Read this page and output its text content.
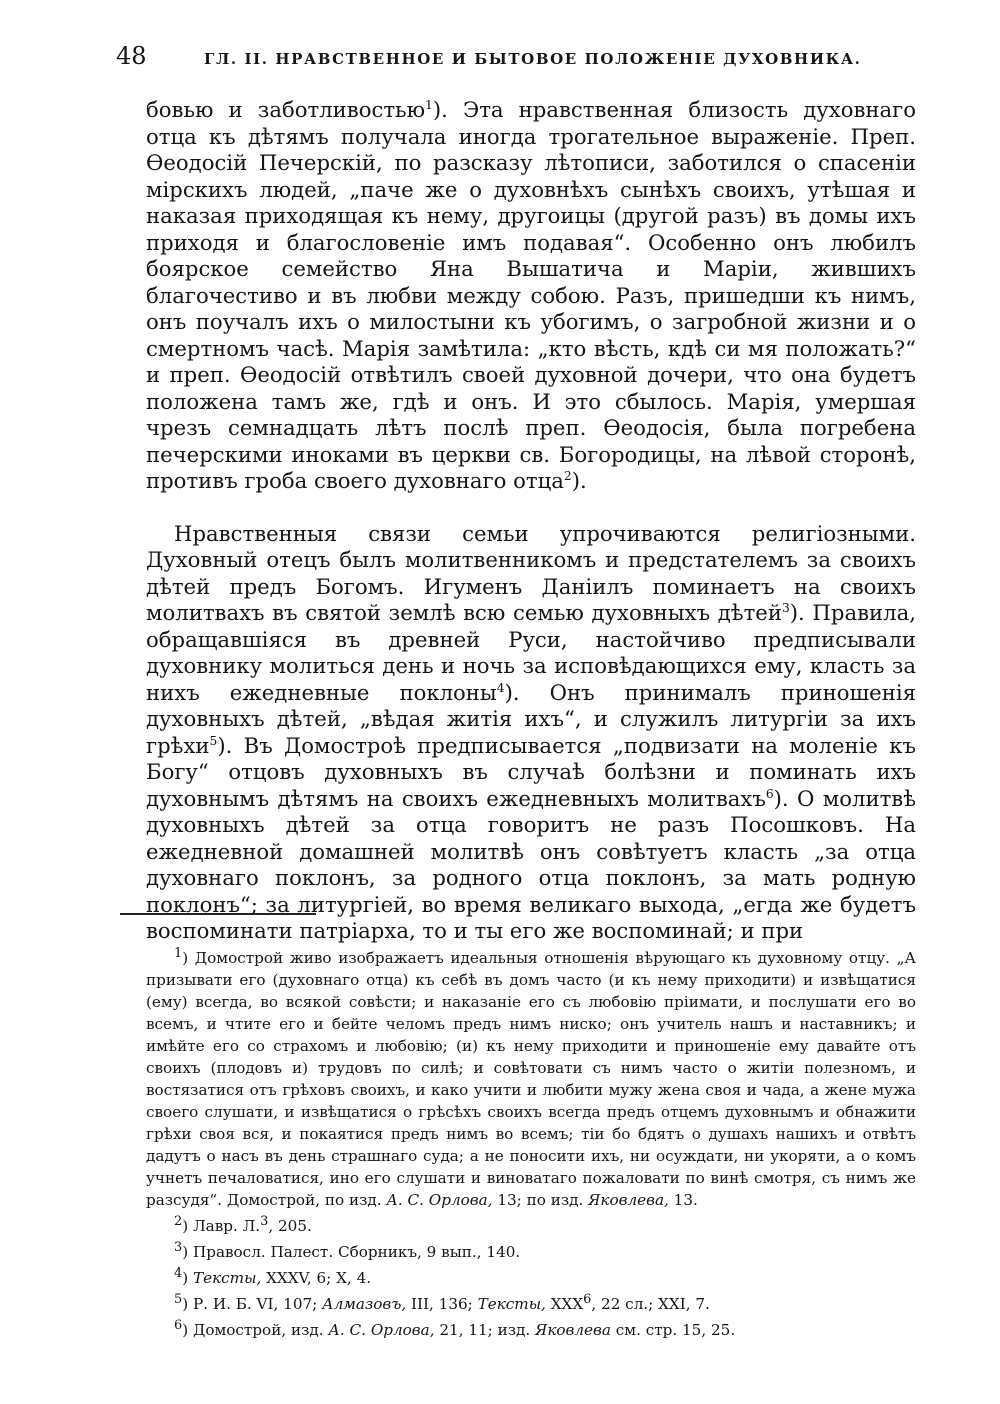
48	ГЛ. II. НРАВСТВЕННОЕ И БЫТОВОЕ ПОЛОЖЕНІЕ ДУХОВНИКА.

бовью и заботливостью$^1$). Эта нравственная близость духовнаго отца къ дѣтямъ получала иногда трогательное выраженіе. Преп. Ѳеодосій Печерскій, по разсказу лѣтописи, заботился о спасеніи мірскихъ людей, „паче же о духовнѣхъ сынѣхъ своихъ, утѣшая и наказая приходящая къ нему, другоицы (другой разъ) въ домы ихъ приходя и благословеніе имъ подавая“. Особенно онъ любилъ боярское семейство Яна Вышатича и Маріи, жившихъ благочестиво и въ любви между собою. Разъ, пришедши къ нимъ, онъ поучалъ ихъ о милостыни къ убогимъ, о загробной жизни и о смертномъ часѣ. Марія замѣтила: „кто вѣсть, кдѣ си мя положать?“ и преп. Ѳеодосій отвѣтилъ своей духовной дочери, что она будетъ положена тамъ же, гдѣ и онъ. И это сбылось. Марія, умершая чрезъ семнадцать лѣтъ послѣ преп. Ѳеодосія, была погребена печерскими иноками въ церкви св. Богородицы, на лѣвой сторонѣ, противъ гроба своего духовнаго отца$^2$).

Нравственныя связи семьи упрочиваются религіозными. Духовный отецъ былъ молитвенникомъ и предстателемъ за своихъ дѣтей предъ Богомъ. Игуменъ Даніилъ поминаетъ на своихъ молитвахъ въ святой землѣ всю семью духовныхъ дѣтей$^3$). Правила, обращавшіяся въ древней Руси, настойчиво предписывали духовнику молиться день и ночь за исповѣдающихся ему, класть за нихъ ежедневные поклоны$^4$). Онъ принималъ приношенія духовныхъ дѣтей, „вѣдая житія ихъ“, и служилъ литургіи за ихъ грѣхи$^5$). Въ Домостроѣ предписывается „подвизати на моленіе къ Богу“ отцовъ духовныхъ въ случаѣ болѣзни и поминать ихъ духовнымъ дѣтямъ на своихъ ежедневныхъ молитвахъ$^6$). О молитвѣ духовныхъ дѣтей за отца говоритъ не разъ Посошковъ. На ежедневной домашней молитвѣ онъ совѣтуетъ класть „за отца духовнаго поклонъ, за родного отца поклонъ, за мать родную поклонъ“; за литургіей, во время великаго выхода, „егда же будетъ воспоминати патріарха, то и ты его же воспоминай; и при

$^1$) Домострой живо изображаетъ идеальныя отношенія вѣрующаго къ духовному отцу. „А призывати его (духовнаго отца) къ себѣ въ домъ часто (и къ нему приходити) и извѣщатися (ему) всегда, во всякой совѣсти; и наказаніе его съ любовію пріимати, и послушати его во всемъ, и чтите его и бейте челомъ предъ нимъ ниско; онъ учитель нашъ и наставникъ; и имѣйте его со страхомъ и любовію; (и) къ нему приходити и приношеніе ему давайте отъ своихъ (плодовъ и) трудовъ по силѣ; и совѣтовати съ нимъ часто о житіи полезномъ, и востязатися отъ грѣховъ своихъ, и како учити и любити мужу жена своя и чада, а жене мужа своего слушати, и извѣщатися о грѣсѣхъ своихъ всегда предъ отцемъ духовнымъ и обнажити грѣхи своя вся, и покаятися предъ нимъ во всемъ; тіи бо бдятъ о душахъ нашихъ и отвѣтъ дадутъ о насъ въ день страшнаго суда; а не поносити ихъ, ни осуждати, ни укоряти, а о комъ учнетъ печаловатися, ино его слушати и виноватаго пожаловати по винѣ смотря, съ нимъ же разсудя“. Домострой, по изд. А. С. Орлова, 13; по изд. Яковлева, 13.

$^2$) Лавр. Л.$^3$, 205.

$^3$) Правосл. Палест. Сборникъ, 9 вып., 140.

$^4$) Тексты, XXXV, 6; X, 4.

$^5$) Р. И. Б. VI, 107; Алмазовъ, III, 136; Тексты, XXX$^6$, 22 сл.; XXI, 7.

$^6$) Домострой, изд. А. С. Орлова, 21, 11; изд. Яковлева см. стр. 15, 25.
